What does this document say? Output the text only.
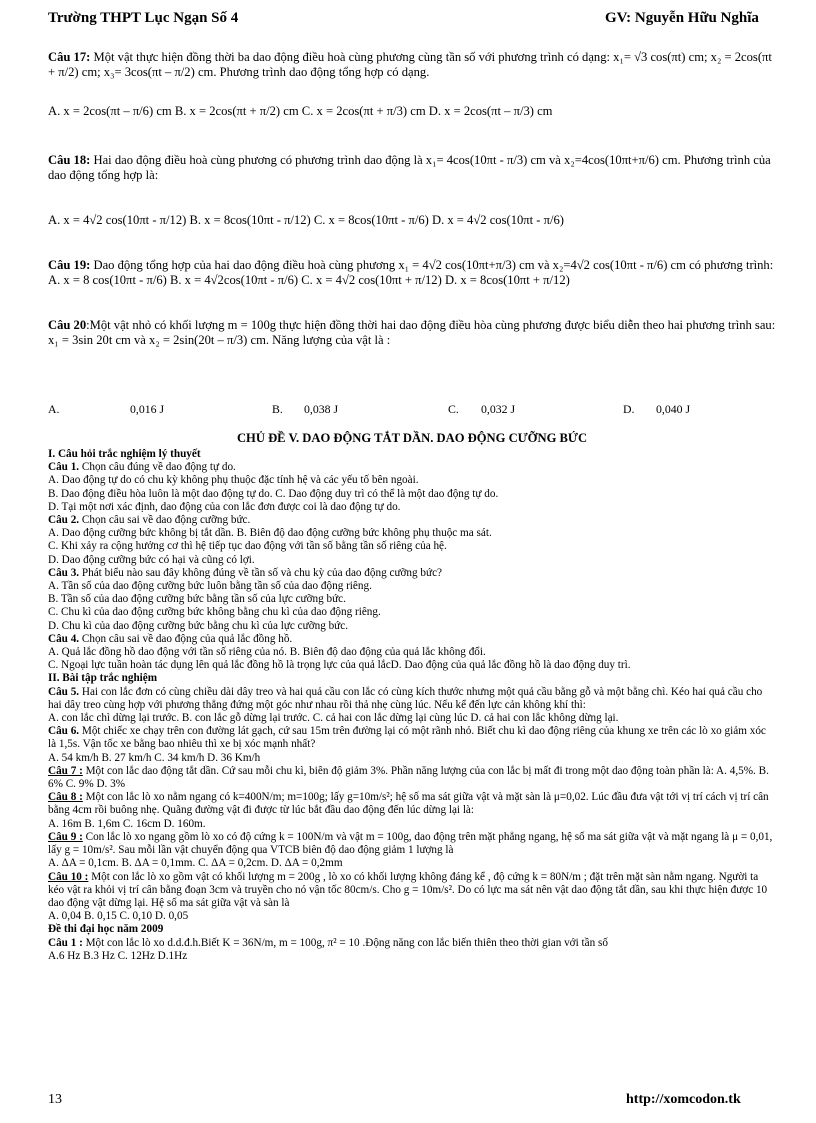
Trường THPT Lục Ngạn Số 4	GV: Nguyễn Hữu Nghĩa

Câu 17: Một vật thực hiện đồng thời ba dao động điều hoà cùng phương cùng tần số với phương trình có dạng: x₁= √3 cos(πt) cm; x₂ = 2cos(πt + π/2) cm; x₃= 3cos(πt – π/2) cm. Phương trình dao động tổng hợp có dạng.

A. x = 2cos(πt – π/6) cm B. x = 2cos(πt + π/2) cm C. x = 2cos(πt + π/3) cm D. x = 2cos(πt – π/3) cm

Câu 18: Hai dao động điều hoà cùng phương có phương trình dao động là x₁= 4cos(10πt - π/3) cm và x₂=4cos(10πt+π/6) cm. Phương trình của dao động tổng hợp là:

A. x = 4√2 cos(10πt - π/12) B. x = 8cos(10πt - π/12) C. x = 8cos(10πt - π/6) D. x = 4√2 cos(10πt - π/6)

Câu 19: Dao động tổng hợp của hai dao động điều hoà cùng phương x₁ = 4√2 cos(10πt+π/3) cm và x₂=4√2 cos(10πt - π/6) cm có phương trình: A. x = 8 cos(10πt - π/6) B. x = 4√2cos(10πt - π/6) C. x = 4√2 cos(10πt + π/12) D. x = 8cos(10πt + π/12)

Câu 20:Một vật nhỏ có khối lượng m = 100g thực hiện đồng thời hai dao động điều hòa cùng phương được biểu diễn theo hai phương trình sau: x₁ = 3sin 20t cm và x₂ = 2sin(20t – π/3) cm. Năng lượng của vật là :

A.	0,016 J	B. 0,038 J	C. 0,032 J	D. 0,040 J
CHỦ ĐỀ V. DAO ĐỘNG TẮT DẦN. DAO ĐỘNG CƯỠNG BỨC

I. Câu hỏi trắc nghiệm lý thuyết

Câu 1. Chọn câu đúng về dao động tự do.

A. Dao động tự do có chu kỳ không phụ thuộc đặc tính hệ và các yếu tố bên ngoài.

B. Dao động điều hòa luôn là một dao động tự do. C. Dao động duy trì có thể là một dao động tự do.

D. Tại một nơi xác định, dao động của con lắc đơn được coi là dao động tự do.

Câu 2. Chọn câu sai về dao động cưỡng bức.

A. Dao động cưỡng bức không bị tắt dần. B. Biên độ dao động cưỡng bức không phụ thuộc ma sát.

C. Khi xảy ra cộng hưởng cơ thì hệ tiếp tục dao động với tần số bằng tần số riêng của hệ.

D. Dao động cưỡng bức có hại và cũng có lợi.

Câu 3. Phát biểu nào sau đây không đúng về tần số và chu kỳ của dao động cưỡng bức?

A. Tần số của dao động cưỡng bức luôn bằng tần số của dao động riêng.

B. Tần số của dao động cưỡng bức bằng tần số của lực cưỡng bức.

C. Chu kì của dao động cưỡng bức không bằng chu kì của dao động riêng.

D. Chu kì của dao động cưỡng bức bằng chu kì của lực cưỡng bức.

Câu 4. Chọn câu sai về dao động của quả lắc đồng hồ.

A. Quả lắc đồng hồ dao động với tần số riêng của nó. B. Biên độ dao động của quả lắc không đổi.

C. Ngoại lực tuần hoàn tác dụng lên quả lắc đồng hồ là trọng lực của quả lắcD. Dao động của quả lắc đồng hồ là dao động duy trì.

II. Bài tập trắc nghiệm

Câu 5. Hai con lắc đơn có cùng chiều dài dây treo và hai quả cầu con lắc có cùng kích thước nhưng một quả cầu bằng gỗ và một bằng chì. Kéo hai quả cầu cho hai dây treo cùng hợp với phương thẳng đứng một góc như nhau rồi thả nhẹ cùng lúc. Nếu kể đến lực cản không khí thì:

A. con lắc chì dừng lại trước. B. con lắc gỗ dừng lại trước. C. cả hai con lắc dừng lại cùng lúc D. cả hai con lắc không dừng lại.

Câu 6. Một chiếc xe chạy trên con đường lát gạch, cứ sau 15m trên đường lại có một rãnh nhỏ. Biết chu kì dao động riêng của khung xe trên các lò xo giảm xóc là 1,5s. Vận tốc xe bằng bao nhiêu thì xe bị xóc mạnh nhất?

A. 54 km/h B. 27 km/h C. 34 km/h D. 36 Km/h

Câu 7 : Một con lắc dao động tắt dần. Cứ sau mỗi chu kì, biên độ giảm 3%. Phần năng lượng của con lắc bị mất đi trong một dao động toàn phần là: A. 4,5%. B. 6% C. 9% D. 3%

Câu 8 : Một con lắc lò xo nằm ngang có k=400N/m; m=100g; lấy g=10m/s²; hệ số ma sát giữa vật và mặt sàn là μ=0,02. Lúc đầu đưa vật tới vị trí cách vị trí cân bằng 4cm rồi buông nhẹ. Quãng đường vật đi được từ lúc bắt đầu dao động đến lúc dừng lại là:

A. 16m B. 1,6m C. 16cm D. 160m.

Câu 9 : Con lắc lò xo ngang gồm lò xo có độ cứng k = 100N/m và vật m = 100g, dao động trên mặt phẳng ngang, hệ số ma sát giữa vật và mặt ngang là μ = 0,01, lấy g = 10m/s². Sau mỗi lần vật chuyển động qua VTCB biên độ dao động giảm 1 lượng là

A. ΔA = 0,1cm. B. ΔA = 0,1mm. C. ΔA = 0,2cm. D. ΔA = 0,2mm

Câu 10 : Một con lắc lò xo gồm vật có khối lượng m = 200g , lò xo có khối lượng không đáng kể , độ cứng k = 80N/m ; đặt trên mặt sàn nằm ngang. Người ta kéo vật ra khỏi vị trí cân bằng đoạn 3cm và truyền cho nó vận tốc 80cm/s. Cho g = 10m/s². Do có lực ma sát nên vật dao động tắt dần, sau khi thực hiện được 10 dao động vật dừng lại. Hệ số ma sát giữa vật và sàn là

A. 0,04 B. 0,15 C. 0,10 D. 0,05

Đề thi đại học năm 2009

Câu 1 : Một con lắc lò xo d.d.đ.h.Biết K = 36N/m, m = 100g, π² = 10 .Động năng con lắc biến thiên theo thời gian với tần số

A.6 Hz B.3 Hz C. 12Hz D.1Hz

13	http://xomcodon.tk
